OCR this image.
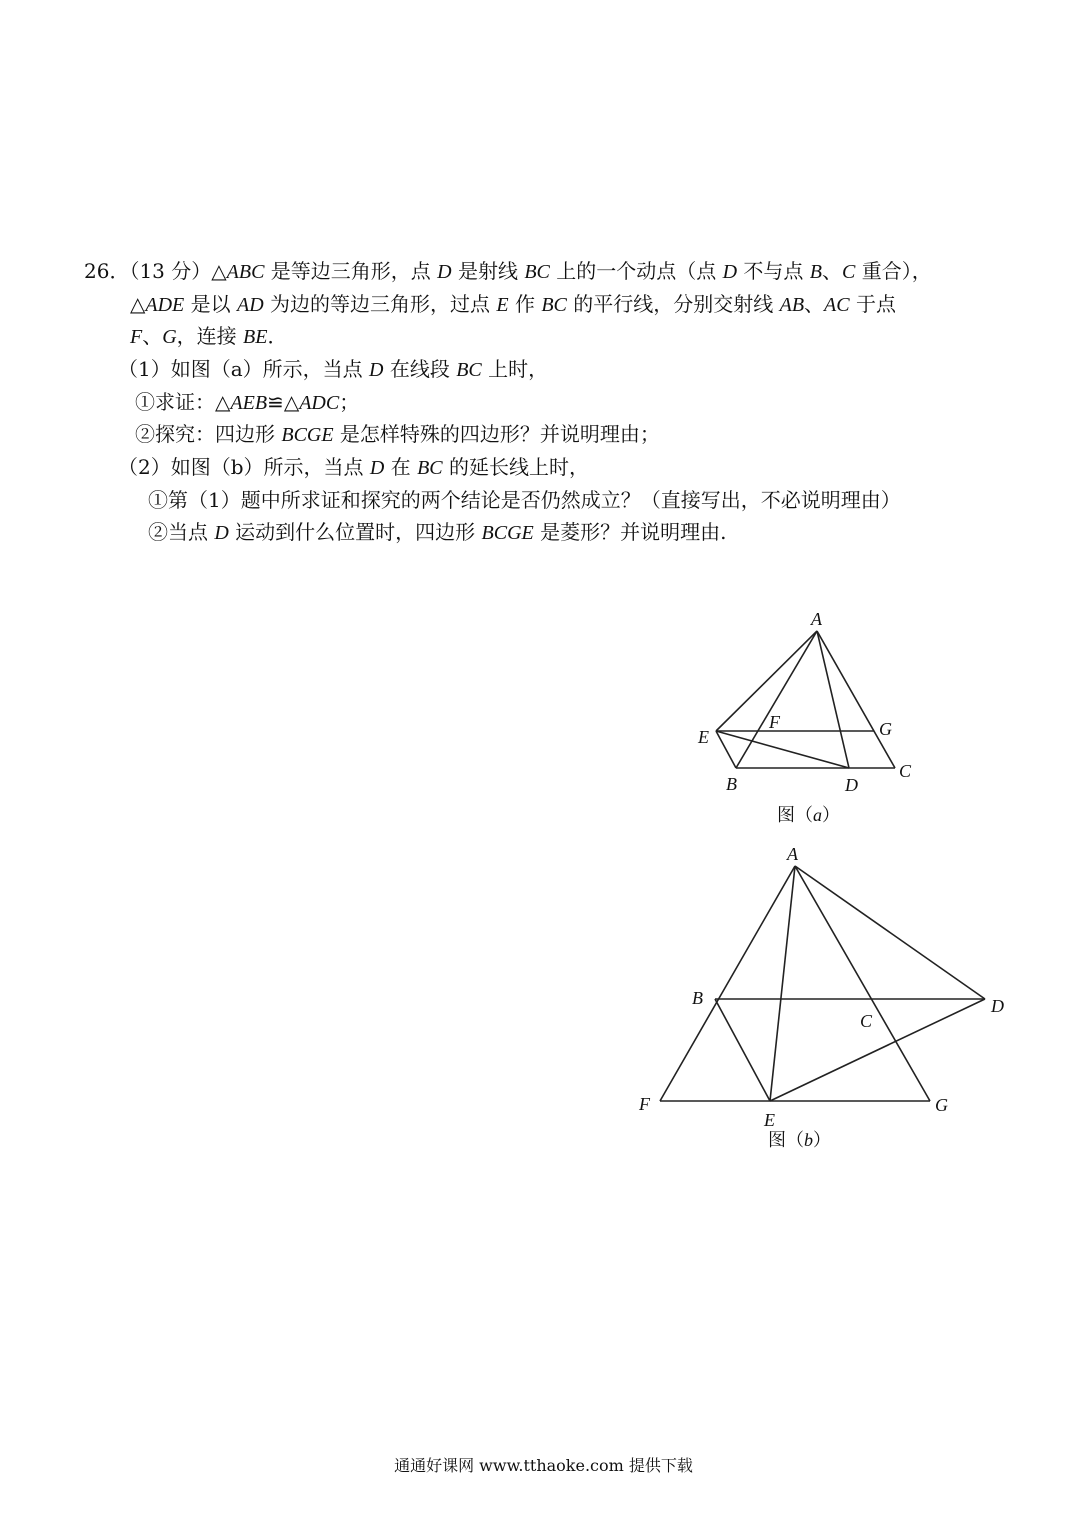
26．（13 分）△ABC 是等边三角形，点 D 是射线 BC 上的一个动点（点 D 不与点 B、C 重合），
△ADE 是以 AD 为边的等边三角形，过点 E 作 BC 的平行线，分别交射线 AB、AC 于点
F、G，连接 BE．
（1）如图（a）所示，当点 D 在线段 BC 上时，
①求证：△AEB≌△ADC；
②探究：四边形 BCGE 是怎样特殊的四边形？并说明理由；
（2）如图（b）所示，当点 D 在 BC 的延长线上时，
①第（1）题中所求证和探究的两个结论是否仍然成立？（直接写出，不必说明理由）
②当点 D 运动到什么位置时，四边形 BCGE 是菱形？并说明理由.
A
E
F	G
B	D
C
图（a）
A
B
C
D
F
E
G
图（b）
通通好课网 www.tthaoke.com 提供下载
